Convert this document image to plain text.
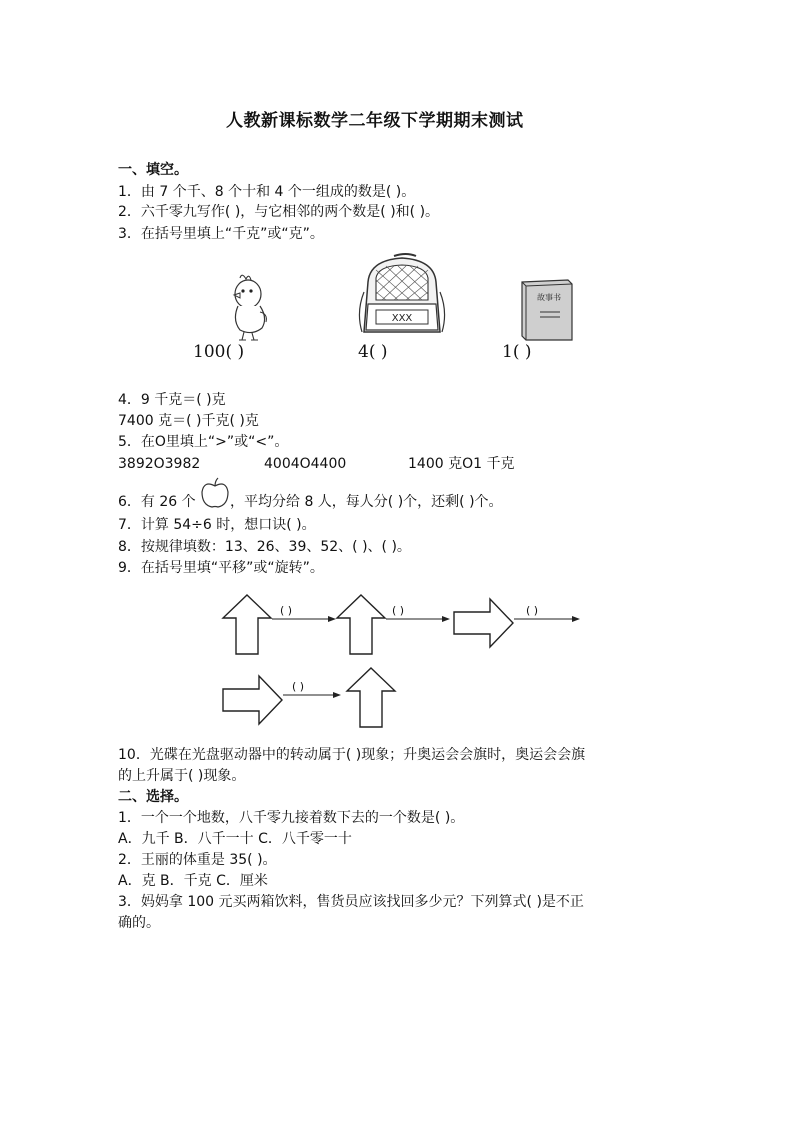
人教新课标数学二年级下学期期末测试
一、填空。
1．由 7 个千、8 个十和 4 个一组成的数是( )。
2．六千零九写作( )，与它相邻的两个数是( )和( )。
3．在括号里填上“千克”或“克”。
XXX
故事书
100( )	4( )	1( )
4．9 千克＝( )克
7400 克＝( )千克( )克
5．在O里填上“>”或“<”。
3892O3982	4004O4400	1400 克O1 千克
6．有 26 个 ，平均分给 8 人，每人分( )个，还剩( )个。
7．计算 54÷6 时，想口诀( )。
8．按规律填数：13、26、39、52、( )、( )。
9．在括号里填“平移”或“旋转”。
( )	( )	( )
( )
10．光碟在光盘驱动器中的转动属于( )现象；升奥运会会旗时，奥运会会旗
的上升属于( )现象。
二、选择。
1．一个一个地数，八千零九接着数下去的一个数是( )。
A．九千 B．八千一十 C．八千零一十
2．王丽的体重是 35( )。
A．克 B．千克 C．厘米
3．妈妈拿 100 元买两箱饮料，售货员应该找回多少元？下列算式( )是不正
确的。
